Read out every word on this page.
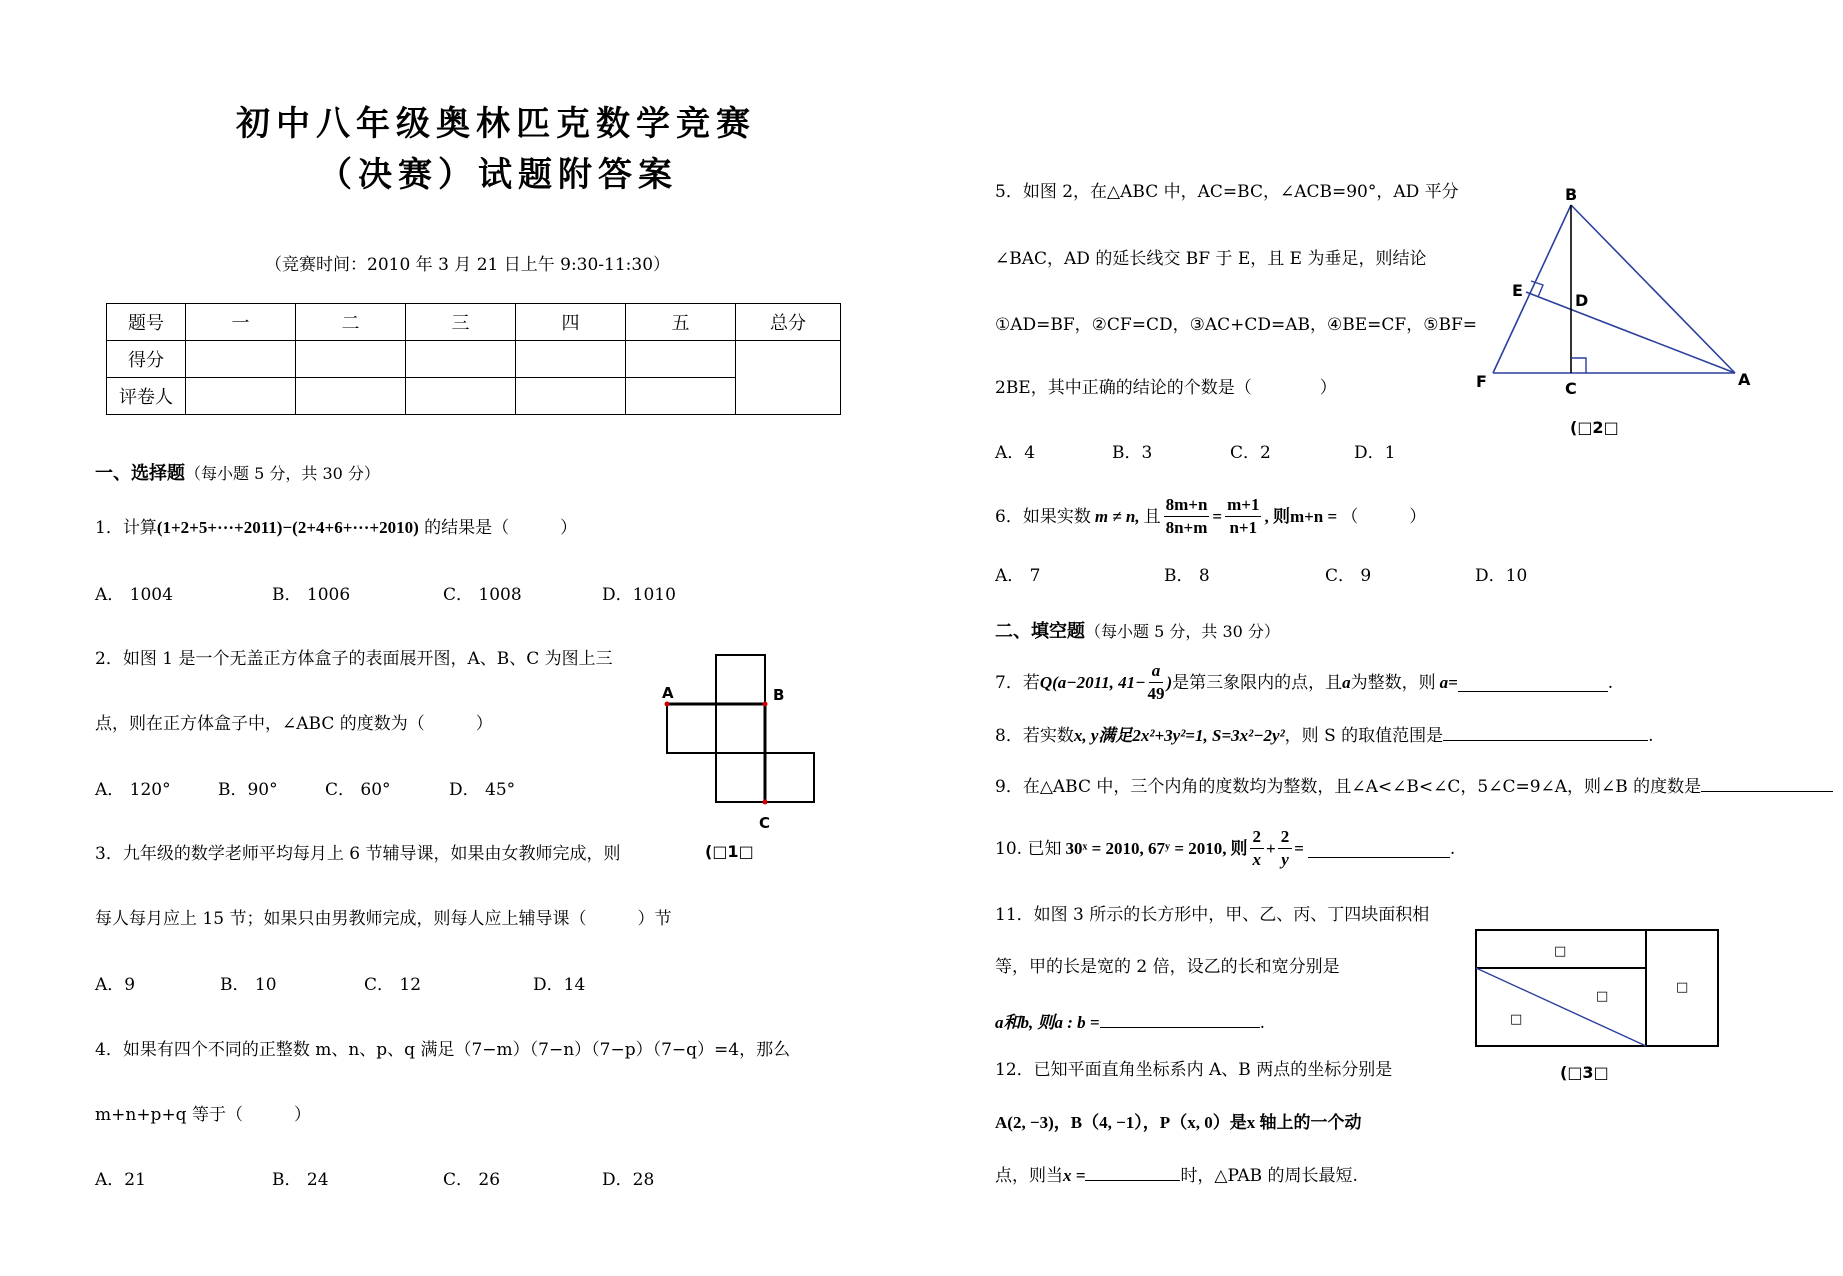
初中八年级奥林匹克数学竞赛
（决赛）试题附答案
（竞赛时间：2010 年 3 月 21 日上午 9:30-11:30）
题号	一	二	三	四	五	总分
得分						
评卷人						
一、选择题（每小题 5 分，共 30 分）
1．计算(1+2+5+···+2011)−(2+4+6+···+2010) 的结果是（　　　）
A． 1004	B． 1006	C． 1008	D．1010
2．如图 1 是一个无盖正方体盒子的表面展开图，A、B、C 为图上三
点，则在正方体盒子中，∠ABC 的度数为（　　　）
A． 120°	B．90°	C． 60°	D． 45°
A	B
C
(□1□
3．九年级的数学老师平均每月上 6 节辅导课，如果由女教师完成，则
每人每月应上 15 节；如果只由男教师完成，则每人应上辅导课（　　　）节
A．9	B． 10	C． 12	D．14
4．如果有四个不同的正整数 m、n、p、q 满足（7−m）（7−n）（7−p）（7−q）=4，那么
m+n+p+q 等于（　　　）
A．21	B． 24	C． 26	D．28
5．如图 2，在△ABC 中，AC=BC，∠ACB=90°，AD 平分
∠BAC，AD 的延长线交 BF 于 E，且 E 为垂足，则结论
①AD=BF，②CF=CD，③AC+CD=AB，④BE=CF，⑤BF=
2BE，其中正确的结论的个数是（　　　　）
A．4	B．3	C．2	D．1
B
E
D
F	C	A
(□2□
6．如果实数 m ≠ n, 且 $\frac{8m+n}{8n+m} = \frac{m+1}{n+1}$ , 则m+n = （　　　）
A． 7	B． 8	C． 9	D．10
二、填空题（每小题 5 分，共 30 分）
7．若 Q(a−2011, $41- \frac{a}{49}$ ) 是第三象限内的点，且 a 为整数，则 a=	.
8．若实数x, y满足2x²+3y²=1, S=3x²−2y²，则 S 的取值范围是	.
9．在△ABC 中，三个内角的度数均为整数，且∠A<∠B<∠C，5∠C=9∠A，则∠B 的度数是
10. 已知 30ˣ = 2010, 67ʸ = 2010, 则 $\frac{2}{x} + \frac{2}{y}$ =	.
11．如图 3 所示的长方形中，甲、乙、丙、丁四块面积相
等，甲的长是宽的 2 倍，设乙的长和宽分别是
a和b, 则a : b =	.
□
□
□
□
(□3□
12．已知平面直角坐标系内 A、B 两点的坐标分别是
A(2, −3)，B（4, −1），P（x, 0）是x 轴上的一个动
点，则当x =	时，△PAB 的周长最短.
